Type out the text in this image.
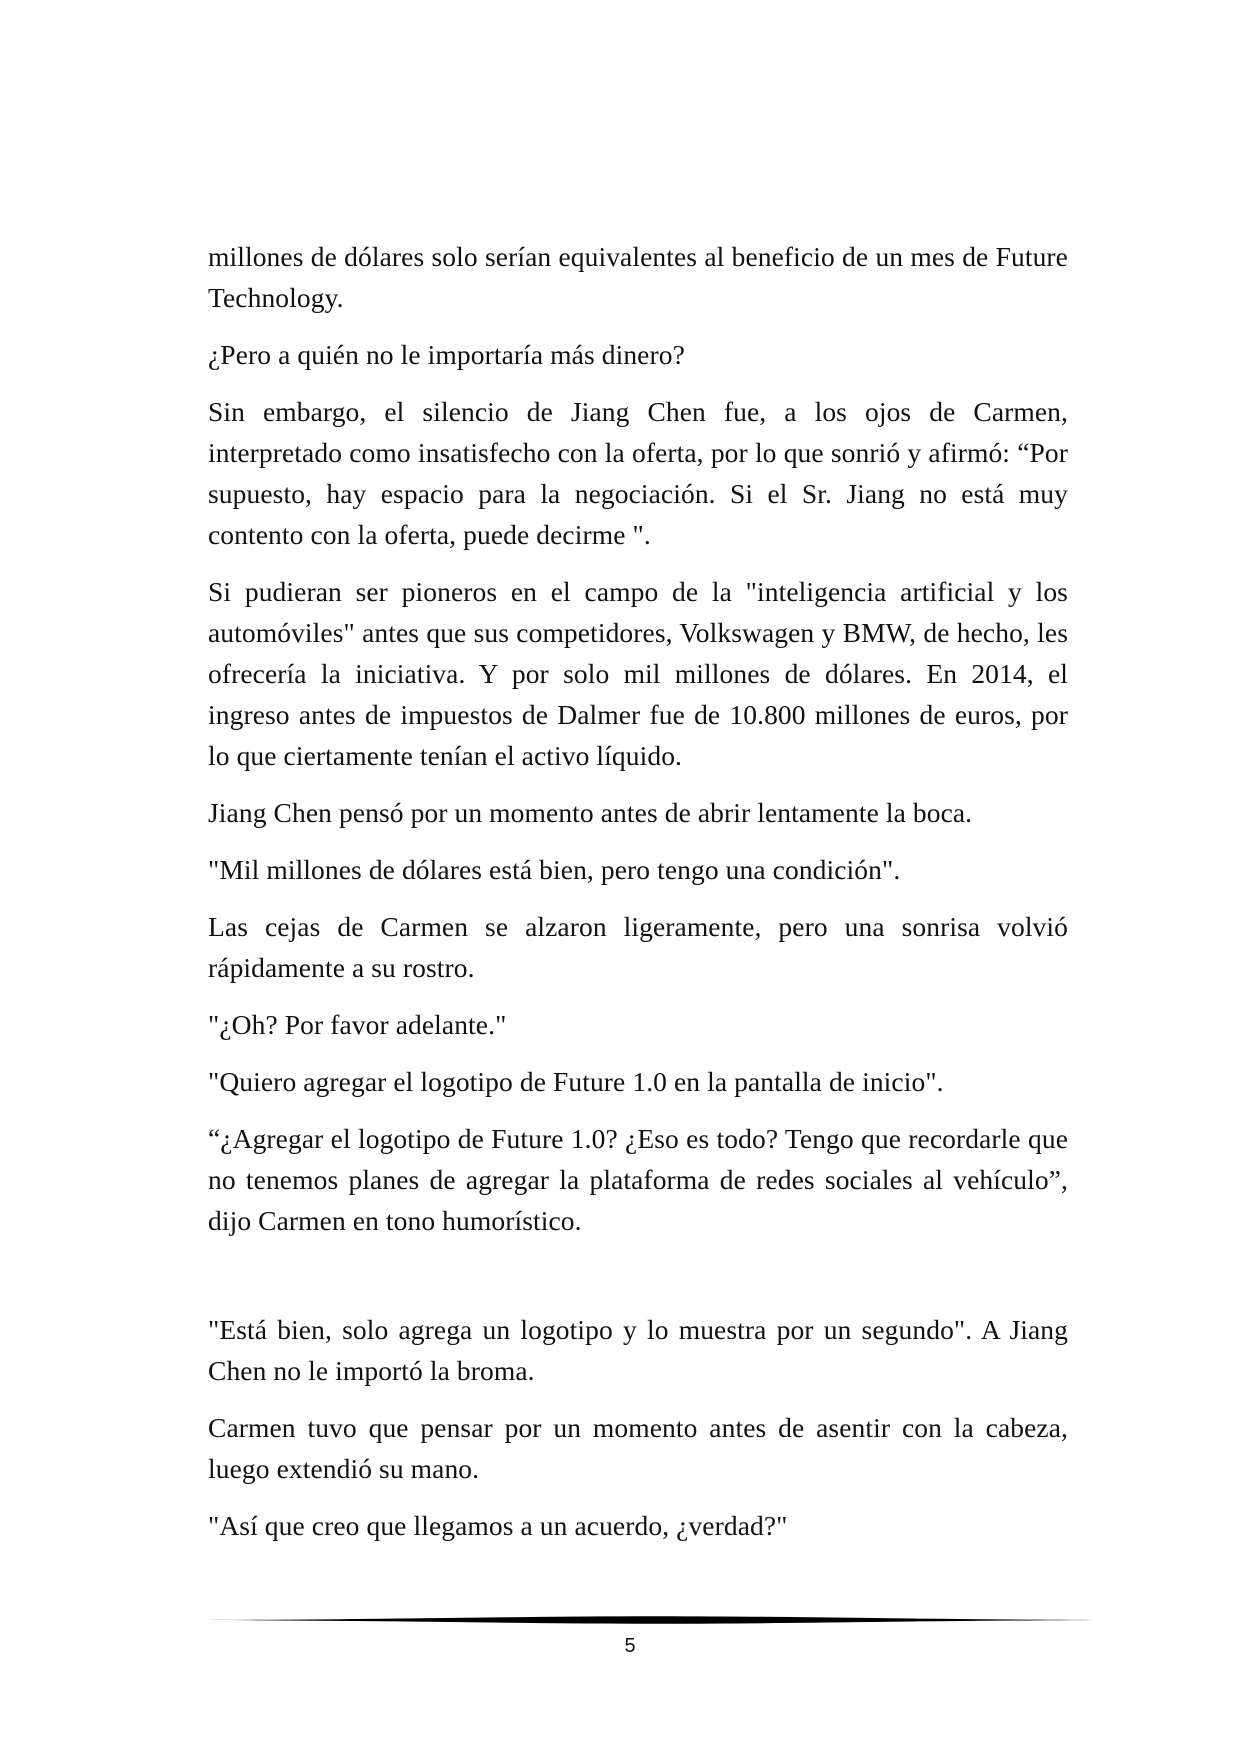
millones de dólares solo serían equivalentes al beneficio de un mes de Future Technology.

¿Pero a quién no le importaría más dinero?

Sin embargo, el silencio de Jiang Chen fue, a los ojos de Carmen, interpretado como insatisfecho con la oferta, por lo que sonrió y afirmó: “Por supuesto, hay espacio para la negociación. Si el Sr. Jiang no está muy contento con la oferta, puede decirme ".

Si pudieran ser pioneros en el campo de la "inteligencia artificial y los automóviles" antes que sus competidores, Volkswagen y BMW, de hecho, les ofrecería la iniciativa. Y por solo mil millones de dólares. En 2014, el ingreso antes de impuestos de Dalmer fue de 10.800 millones de euros, por lo que ciertamente tenían el activo líquido.

Jiang Chen pensó por un momento antes de abrir lentamente la boca.

"Mil millones de dólares está bien, pero tengo una condición".

Las cejas de Carmen se alzaron ligeramente, pero una sonrisa volvió rápidamente a su rostro.

"¿Oh? Por favor adelante."

"Quiero agregar el logotipo de Future 1.0 en la pantalla de inicio".

“¿Agregar el logotipo de Future 1.0? ¿Eso es todo? Tengo que recordarle que no tenemos planes de agregar la plataforma de redes sociales al vehículo”, dijo Carmen en tono humorístico.

"Está bien, solo agrega un logotipo y lo muestra por un segundo". A Jiang Chen no le importó la broma.

Carmen tuvo que pensar por un momento antes de asentir con la cabeza, luego extendió su mano.

"Así que creo que llegamos a un acuerdo, ¿verdad?"

5
